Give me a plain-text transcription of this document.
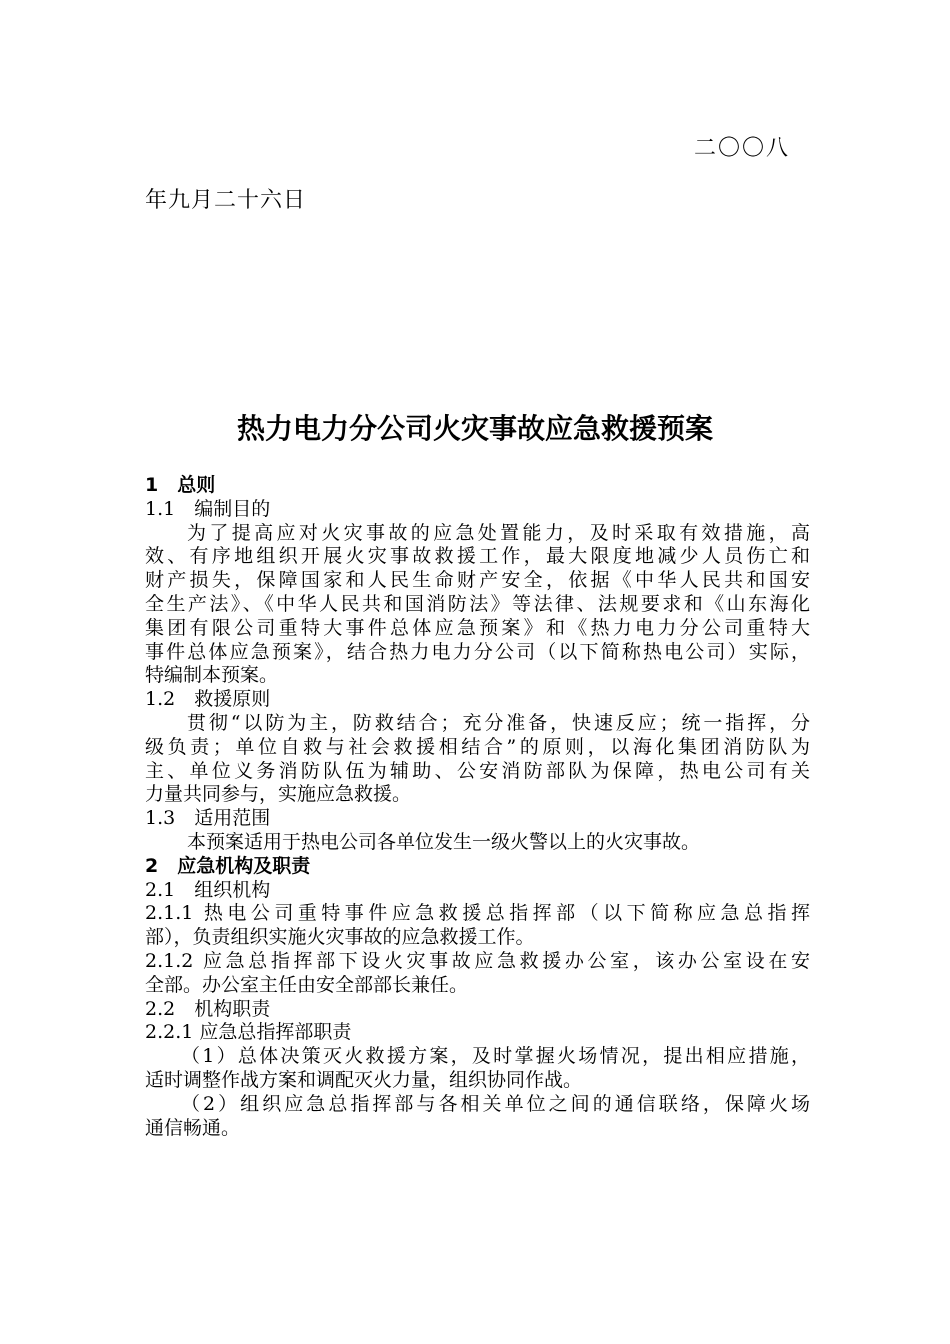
二〇〇八
年九月二十六日
热力电力分公司火灾事故应急救援预案
1　总则
1.1　编制目的
为了提高应对火灾事故的应急处置能力，及时采取有效措施，高
效、有序地组织开展火灾事故救援工作，最大限度地减少人员伤亡和
财产损失，保障国家和人民生命财产安全，依据《中华人民共和国安
全生产法》、《中华人民共和国消防法》等法律、法规要求和《山东海化
集团有限公司重特大事件总体应急预案》和《热力电力分公司重特大
事件总体应急预案》，结合热力电力分公司（以下简称热电公司）实际，
特编制本预案。
1.2　救援原则
贯彻“以防为主，防救结合；充分准备，快速反应；统一指挥，分
级负责；单位自救与社会救援相结合”的原则，以海化集团消防队为
主、单位义务消防队伍为辅助、公安消防部队为保障，热电公司有关
力量共同参与，实施应急救援。
1.3　适用范围
本预案适用于热电公司各单位发生一级火警以上的火灾事故。
2　应急机构及职责
2.1　组织机构
2.1.1 热电公司重特事件应急救援总指挥部（以下简称应急总指挥
部），负责组织实施火灾事故的应急救援工作。
2.1.2 应急总指挥部下设火灾事故应急救援办公室，该办公室设在安
全部。办公室主任由安全部部长兼任。
2.2　机构职责
2.2.1 应急总指挥部职责
（1）总体决策灭火救援方案，及时掌握火场情况，提出相应措施，
适时调整作战方案和调配灭火力量，组织协同作战。
（2）组织应急总指挥部与各相关单位之间的通信联络，保障火场
通信畅通。
